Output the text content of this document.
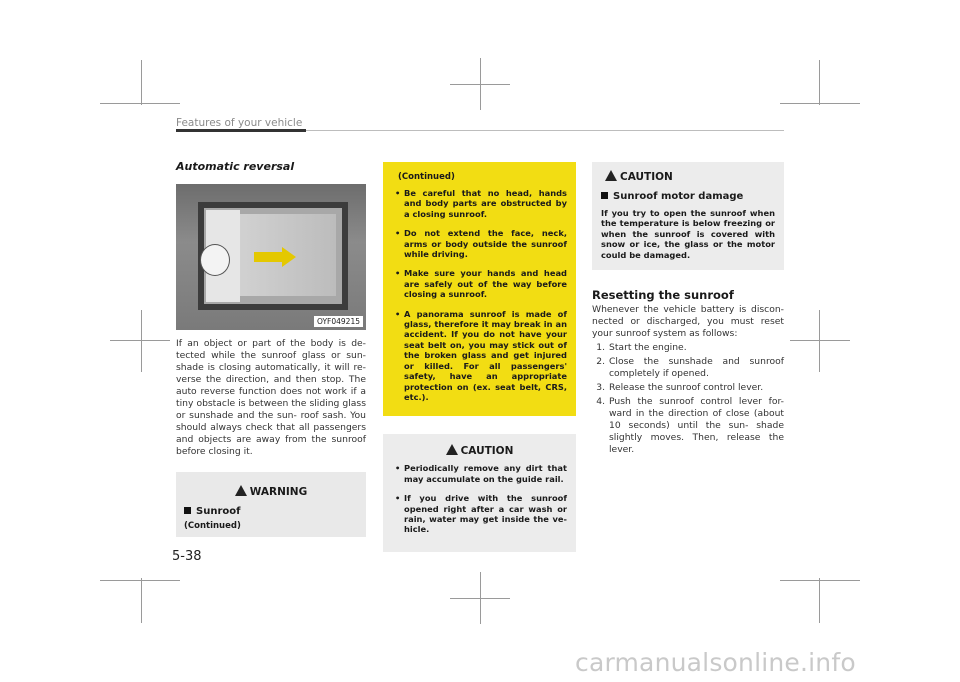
Features of your vehicle
Automatic reversal
OYF049215

If an object or part of the body is de- tected while the sunroof glass or sun- shade is closing automatically, it will re- verse the direction, and then stop. The auto reverse function does not work if a tiny obstacle is between the sliding glass or sunshade and the sun- roof sash. You should always check that all passengers and objects are away from the sunroof before closing it.

WARNING
Sunroof
(Continued)
(Continued)
• Be careful that no head, hands and body parts are obstructed by a closing sunroof.
• Do not extend the face, neck, arms or body outside the sunroof while driving.
• Make sure your hands and head are safely out of the way before closing a sunroof.
• A panorama sunroof is made of glass, therefore it may break in an accident. If you do not have your seat belt on, you may stick out of the broken glass and get injured or killed. For all passengers' safety, have an appropriate protection on (ex. seat belt, CRS, etc.).
CAUTION
• Periodically remove any dirt that may accumulate on the guide rail.
• If you drive with the sunroof opened right after a car wash or rain, water may get inside the ve- hicle.
CAUTION
Sunroof motor damage

If you try to open the sunroof when the temperature is below freezing or when the sunroof is covered with snow or ice, the glass or the motor could be damaged.

Resetting the sunroof

Whenever the vehicle battery is discon- nected or discharged, you must reset your sunroof system as follows:

1. Start the engine.
2. Close the sunshade and sunroof completely if opened.
3. Release the sunroof control lever.
4. Push the sunroof control lever for- ward in the direction of close (about 10 seconds) until the sun- shade slightly moves. Then, release the lever.
5-38
carmanualsonline.info
